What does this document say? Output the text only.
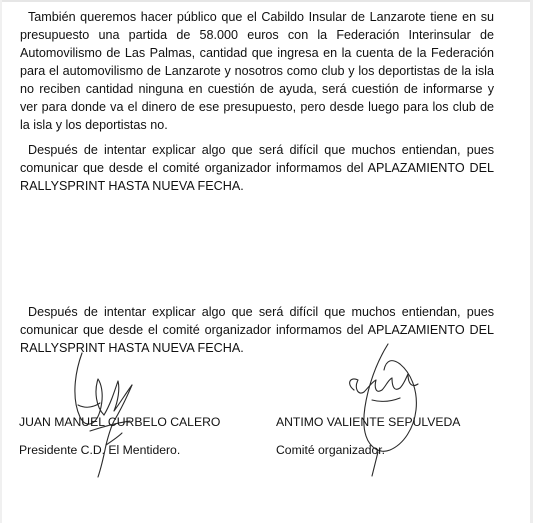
También queremos hacer público que el Cabildo Insular de Lanzarote tiene en su presupuesto una partida de 58.000 euros con la Federación Interinsular de Automovilismo de Las Palmas, cantidad que ingresa en la cuenta de la Federación para el automovilismo de Lanzarote y nosotros como club y los deportistas de la isla no reciben cantidad ninguna en cuestión de ayuda, será cuestión de informarse y ver para donde va el dinero de ese presupuesto, pero desde luego para los club de la isla y los deportistas no.

Después de intentar explicar algo que será difícil que muchos entiendan, pues comunicar que desde el comité organizador informamos del APLAZAMIENTO DEL RALLYSPRINT HASTA NUEVA FECHA.

Después de intentar explicar algo que será difícil que muchos entiendan, pues comunicar que desde el comité organizador informamos del APLAZAMIENTO DEL RALLYSPRINT HASTA NUEVA FECHA.

JUAN MANUEL CURBELO CALERO
Presidente C.D. El Mentidero.
ANTIMO VALIENTE SEPULVEDA
Comité organizador.
